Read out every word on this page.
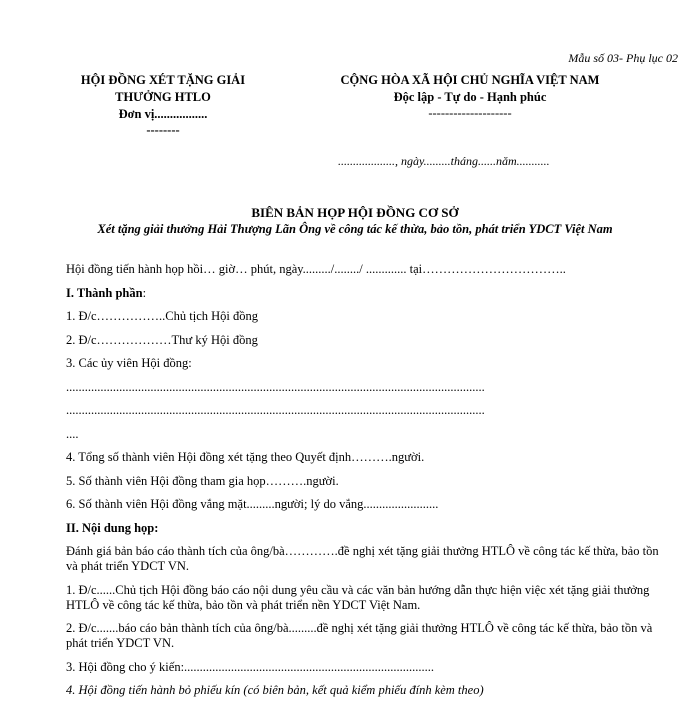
Mẫu số 03- Phụ lục 02
HỘI ĐỒNG XÉT TẶNG GIẢI
THƯỞNG HTLO
Đơn vị.................
--------
CỘNG HÒA XÃ HỘI CHỦ NGHĨA VIỆT NAM
Độc lập - Tự do - Hạnh phúc
--------------------
..................., ngày.........tháng......năm...........
BIÊN BẢN HỌP HỘI ĐỒNG CƠ SỞ
Xét tặng giải thưởng Hải Thượng Lãn Ông về công tác kế thừa, bảo tồn, phát triển YDCT Việt Nam

Hội đồng tiến hành họp hồi… giờ… phút, ngày........./......../ ............. tại……………………………..

I. Thành phần:

1. Đ/c……………..Chủ tịch Hội đồng

2. Đ/c………………Thư ký Hội đồng

3. Các ủy viên Hội đồng:

......................................................................................................................................

......................................................................................................................................

....

4. Tổng số thành viên Hội đồng xét tặng theo Quyết định……….người.

5. Số thành viên Hội đồng tham gia họp……….người.

6. Số thành viên Hội đồng vắng mặt.........người; lý do vắng........................

II. Nội dung họp:

Đánh giá bản báo cáo thành tích của ông/bà………….đề nghị xét tặng giải thưởng HTLÔ về công tác kế thừa, bảo tồn và phát triển YDCT VN.

1. Đ/c......Chủ tịch Hội đồng báo cáo nội dung yêu cầu và các văn bản hướng dẫn thực hiện việc xét tặng giải thưởng HTLÔ về công tác kế thừa, bảo tồn và phát triển nền YDCT Việt Nam.

2. Đ/c.......báo cáo bản thành tích của ông/bà.........đề nghị xét tặng giải thưởng HTLÔ về công tác kế thừa, bảo tồn và phát triển YDCT VN.

3. Hội đồng cho ý kiến:................................................................................

4. Hội đồng tiến hành bỏ phiếu kín (có biên bản, kết quả kiểm phiếu đính kèm theo)
